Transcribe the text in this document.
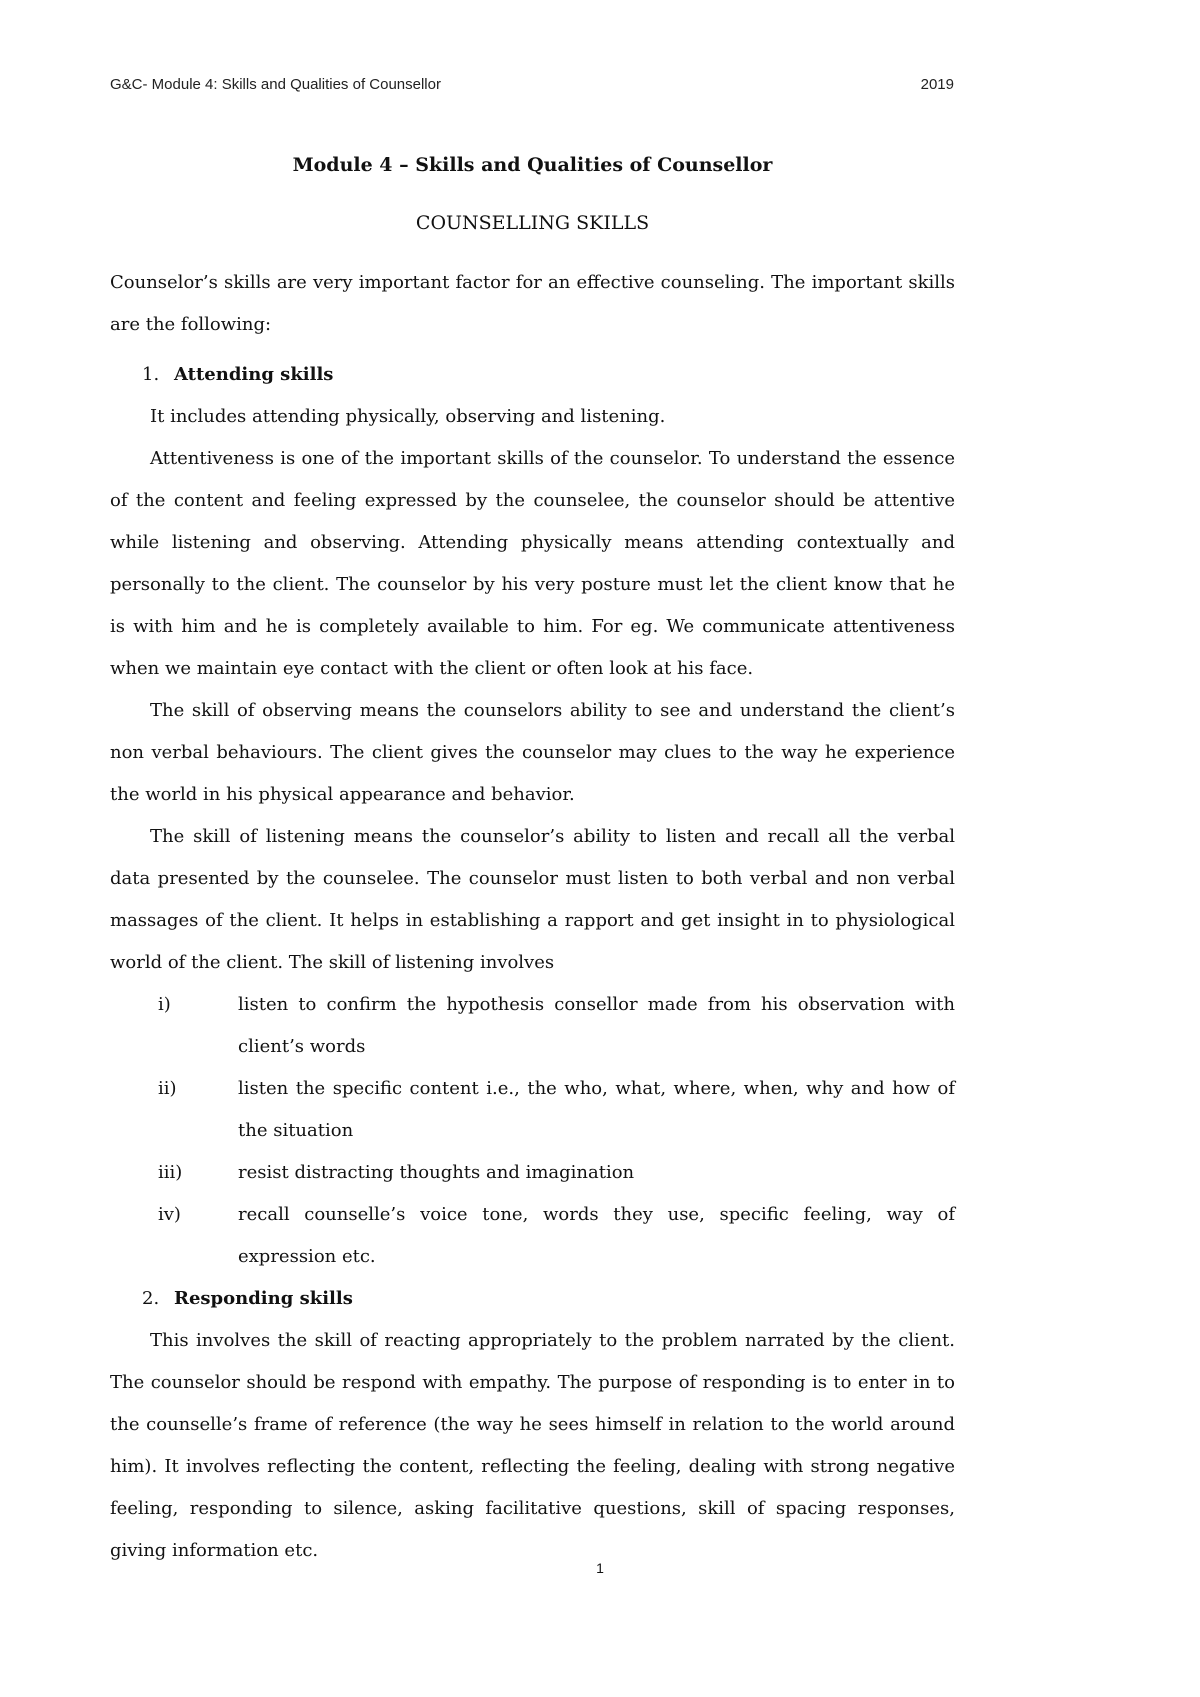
G&C- Module 4: Skills and Qualities of Counsellor	2019
Module 4 – Skills and Qualities of Counsellor
COUNSELLING SKILLS

Counselor’s skills are very important factor for an effective counseling. The important skills are the following:

1. Attending skills
It includes attending physically, observing and listening.

Attentiveness is one of the important skills of the counselor. To understand the essence of the content and feeling expressed by the counselee, the counselor should be attentive while listening and observing. Attending physically means attending contextually and personally to the client. The counselor by his very posture must let the client know that he is with him and he is completely available to him. For eg. We communicate attentiveness when we maintain eye contact with the client or often look at his face.

The skill of observing means the counselors ability to see and understand the client’s non verbal behaviours. The client gives the counselor may clues to the way he experience the world in his physical appearance and behavior.

The skill of listening means the counselor’s ability to listen and recall all the verbal data presented by the counselee. The counselor must listen to both verbal and non verbal massages of the client. It helps in establishing a rapport and get insight in to physiological world of the client. The skill of listening involves

i)	listen to confirm the hypothesis consellor made from his observation with client’s words
ii)	listen the specific content i.e., the who, what, where, when, why and how of the situation
iii)	resist distracting thoughts and imagination
iv)	recall counselle’s voice tone, words they use, specific feeling, way of expression etc.
2. Responding skills

This involves the skill of reacting appropriately to the problem narrated by the client. The counselor should be respond with empathy. The purpose of responding is to enter in to the counselle’s frame of reference (the way he sees himself in relation to the world around him). It involves reflecting the content, reflecting the feeling, dealing with strong negative feeling, responding to silence, asking facilitative questions, skill of spacing responses, giving information etc.

1
